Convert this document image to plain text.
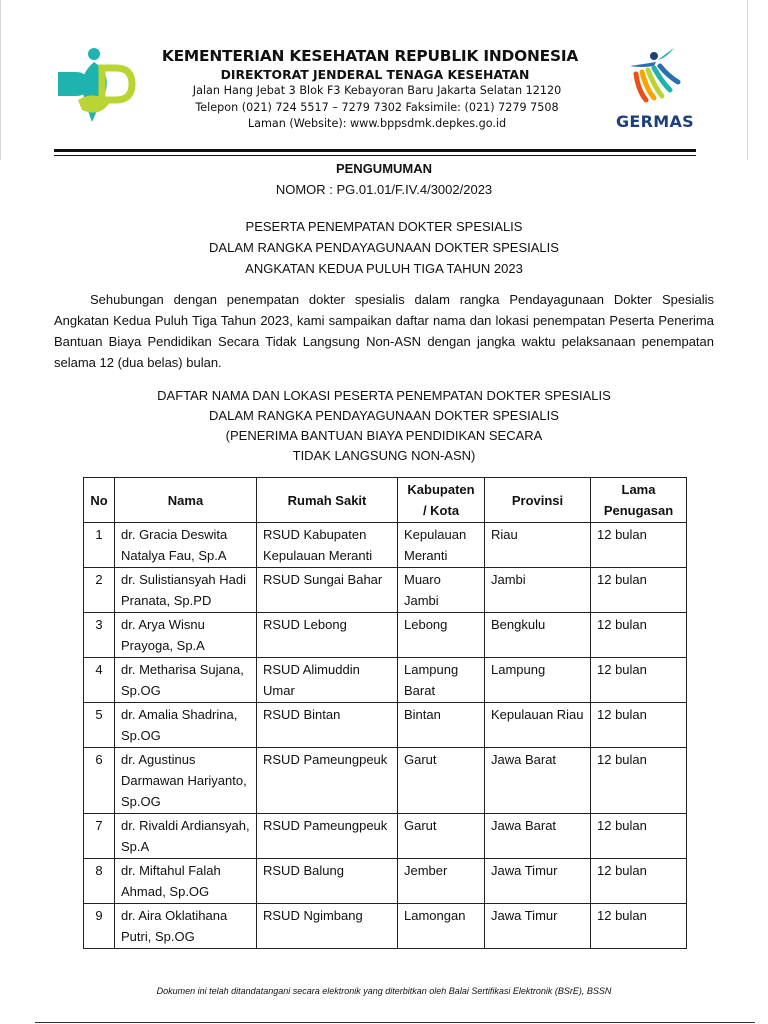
KEMENTERIAN KESEHATAN REPUBLIK INDONESIA
DIREKTORAT JENDERAL TENAGA KESEHATAN
Jalan Hang Jebat 3 Blok F3 Kebayoran Baru Jakarta Selatan 12120
Telepon (021) 724 5517 – 7279 7302 Faksimile: (021) 7279 7508
Laman (Website): www.bppsdmk.depkes.go.id	GERMAS
PENGUMUMAN
NOMOR : PG.01.01/F.IV.4/3002/2023
PESERTA PENEMPATAN DOKTER SPESIALIS
DALAM RANGKA PENDAYAGUNAAN DOKTER SPESIALIS
ANGKATAN KEDUA PULUH TIGA TAHUN 2023
Sehubungan dengan penempatan dokter spesialis dalam rangka Pendayagunaan Dokter Spesialis Angkatan Kedua Puluh Tiga Tahun 2023, kami sampaikan daftar nama dan lokasi penempatan Peserta Penerima Bantuan Biaya Pendidikan Secara Tidak Langsung Non-ASN dengan jangka waktu pelaksanaan penempatan selama 12 (dua belas) bulan.
DAFTAR NAMA DAN LOKASI PESERTA PENEMPATAN DOKTER SPESIALIS
DALAM RANGKA PENDAYAGUNAAN DOKTER SPESIALIS
(PENERIMA BANTUAN BIAYA PENDIDIKAN SECARA
TIDAK LANGSUNG NON-ASN)
No	Nama	Rumah Sakit	Kabupaten / Kota	Provinsi	Lama Penugasan
1	dr. Gracia Deswita Natalya Fau, Sp.A	RSUD Kabupaten Kepulauan Meranti	Kepulauan Meranti	Riau	12 bulan
2	dr. Sulistiansyah Hadi Pranata, Sp.PD	RSUD Sungai Bahar	Muaro Jambi	Jambi	12 bulan
3	dr. Arya Wisnu Prayoga, Sp.A	RSUD Lebong	Lebong	Bengkulu	12 bulan
4	dr. Metharisa Sujana, Sp.OG	RSUD Alimuddin Umar	Lampung Barat	Lampung	12 bulan
5	dr. Amalia Shadrina, Sp.OG	RSUD Bintan	Bintan	Kepulauan Riau	12 bulan
6	dr. Agustinus Darmawan Hariyanto, Sp.OG	RSUD Pameungpeuk	Garut	Jawa Barat	12 bulan
7	dr. Rivaldi Ardiansyah, Sp.A	RSUD Pameungpeuk	Garut	Jawa Barat	12 bulan
8	dr. Miftahul Falah Ahmad, Sp.OG	RSUD Balung	Jember	Jawa Timur	12 bulan
9	dr. Aira Oklatihana Putri, Sp.OG	RSUD Ngimbang	Lamongan	Jawa Timur	12 bulan
Dokumen ini telah ditandatangani secara elektronik yang diterbitkan oleh Balai Sertifikasi Elektronik (BSrE), BSSN
